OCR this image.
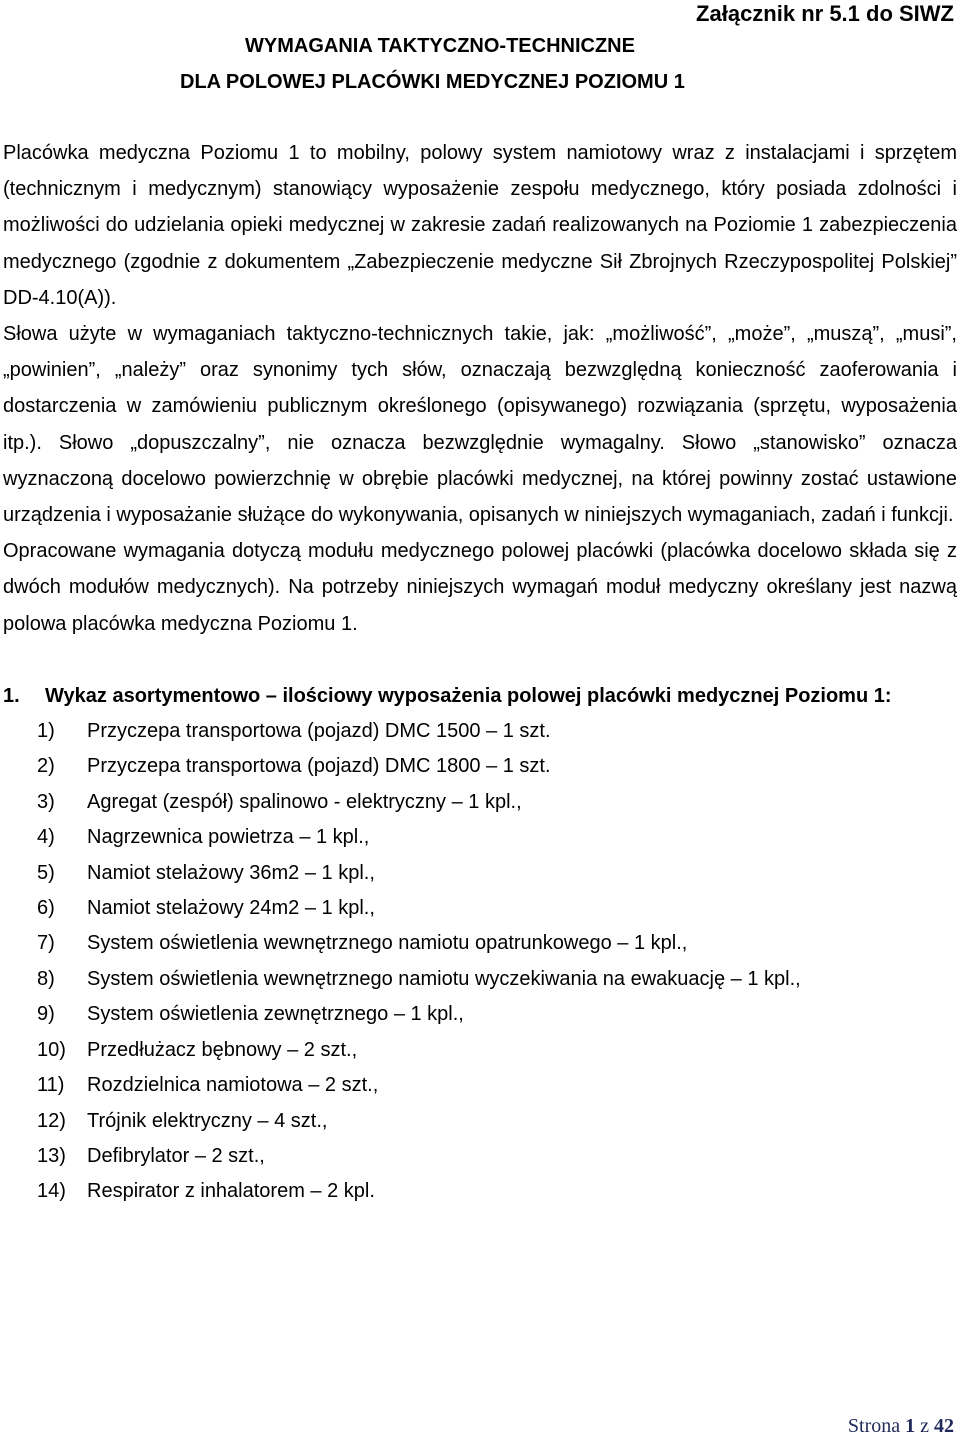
Załącznik nr 5.1 do SIWZ
WYMAGANIA TAKTYCZNO-TECHNICZNE
DLA POLOWEJ PLACÓWKI MEDYCZNEJ POZIOMU 1

Placówka medyczna Poziomu 1 to mobilny, polowy system namiotowy wraz z instalacjami i sprzętem (technicznym i medycznym) stanowiący wyposażenie zespołu medycznego, który posiada zdolności i możliwości do udzielania opieki medycznej w zakresie zadań realizowanych na Poziomie 1 zabezpieczenia medycznego (zgodnie z dokumentem „Zabezpieczenie medyczne Sił Zbrojnych Rzeczypospolitej Polskiej” DD-4.10(A)).

Słowa użyte w wymaganiach taktyczno-technicznych takie, jak: „możliwość”, „może”, „muszą”, „musi”, „powinien”, „należy” oraz synonimy tych słów, oznaczają bezwzględną konieczność zaoferowania i dostarczenia w zamówieniu publicznym określonego (opisywanego) rozwiązania (sprzętu, wyposażenia itp.). Słowo „dopuszczalny”, nie oznacza bezwzględnie wymagalny. Słowo „stanowisko” oznacza wyznaczoną docelowo powierzchnię w obrębie placówki medycznej, na której powinny zostać ustawione urządzenia i wyposażanie służące do wykonywania, opisanych w niniejszych wymaganiach, zadań i funkcji.

Opracowane wymagania dotyczą modułu medycznego polowej placówki (placówka docelowo składa się z dwóch modułów medycznych). Na potrzeby niniejszych wymagań moduł medyczny określany jest nazwą polowa placówka medyczna Poziomu 1.

1.	Wykaz asortymentowo – ilościowy wyposażenia polowej placówki medycznej Poziomu 1:
1)	Przyczepa transportowa (pojazd) DMC 1500 – 1 szt.
2)	Przyczepa transportowa (pojazd) DMC 1800 – 1 szt.
3)	Agregat (zespół) spalinowo - elektryczny – 1 kpl.,
4)	Nagrzewnica powietrza – 1 kpl.,
5)	Namiot stelażowy 36m2 – 1 kpl.,
6)	Namiot stelażowy 24m2 – 1 kpl.,
7)	System oświetlenia wewnętrznego namiotu opatrunkowego – 1 kpl.,
8)	System oświetlenia wewnętrznego namiotu wyczekiwania na ewakuację – 1 kpl.,
9)	System oświetlenia zewnętrznego – 1 kpl.,
10)	Przedłużacz bębnowy – 2 szt.,
11)	Rozdzielnica namiotowa – 2 szt.,
12)	Trójnik elektryczny – 4 szt.,
13)	Defibrylator – 2 szt.,
14)	Respirator z inhalatorem – 2 kpl.
Strona 1 z 42
